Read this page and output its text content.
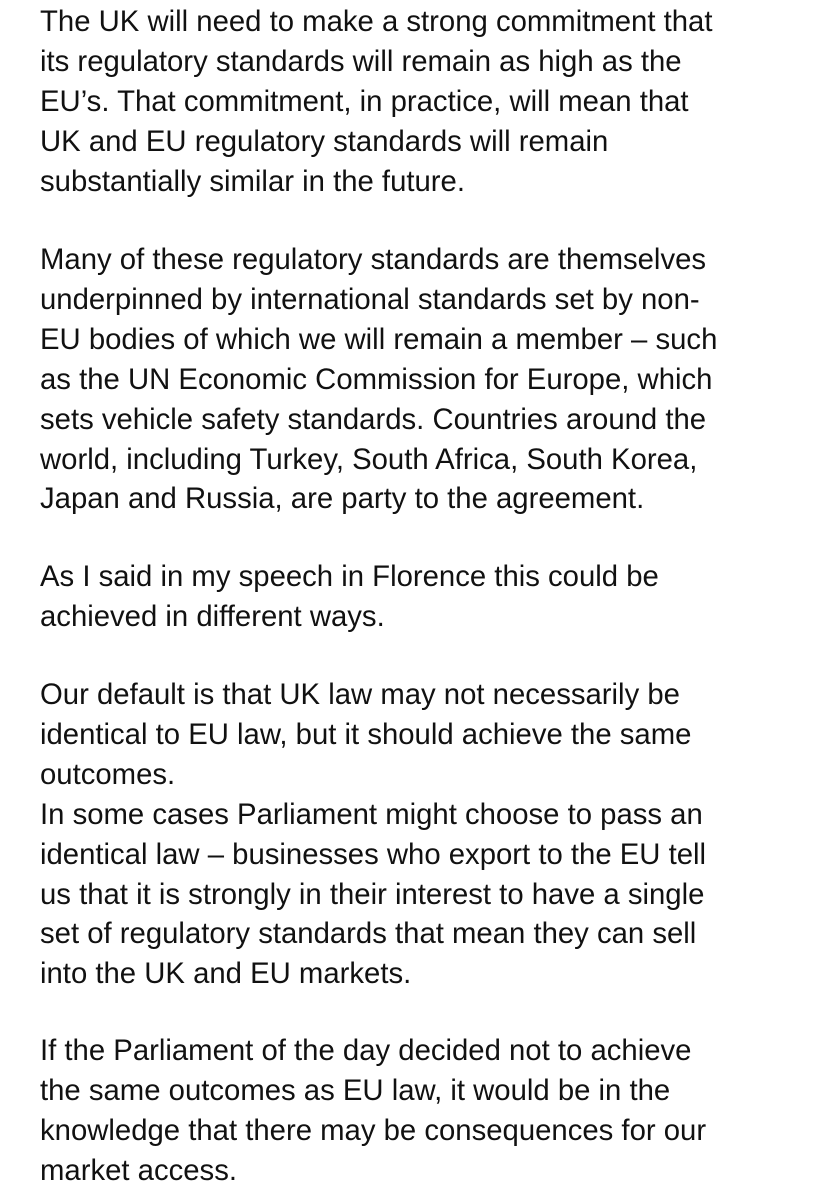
The UK will need to make a strong commitment that
its regulatory standards will remain as high as the
EU’s. That commitment, in practice, will mean that
UK and EU regulatory standards will remain
substantially similar in the future.

Many of these regulatory standards are themselves
underpinned by international standards set by non-
EU bodies of which we will remain a member – such
as the UN Economic Commission for Europe, which
sets vehicle safety standards. Countries around the
world, including Turkey, South Africa, South Korea,
Japan and Russia, are party to the agreement.

As I said in my speech in Florence this could be
achieved in different ways.

Our default is that UK law may not necessarily be
identical to EU law, but it should achieve the same
outcomes.
In some cases Parliament might choose to pass an
identical law – businesses who export to the EU tell
us that it is strongly in their interest to have a single
set of regulatory standards that mean they can sell
into the UK and EU markets.

If the Parliament of the day decided not to achieve
the same outcomes as EU law, it would be in the
knowledge that there may be consequences for our
market access.
